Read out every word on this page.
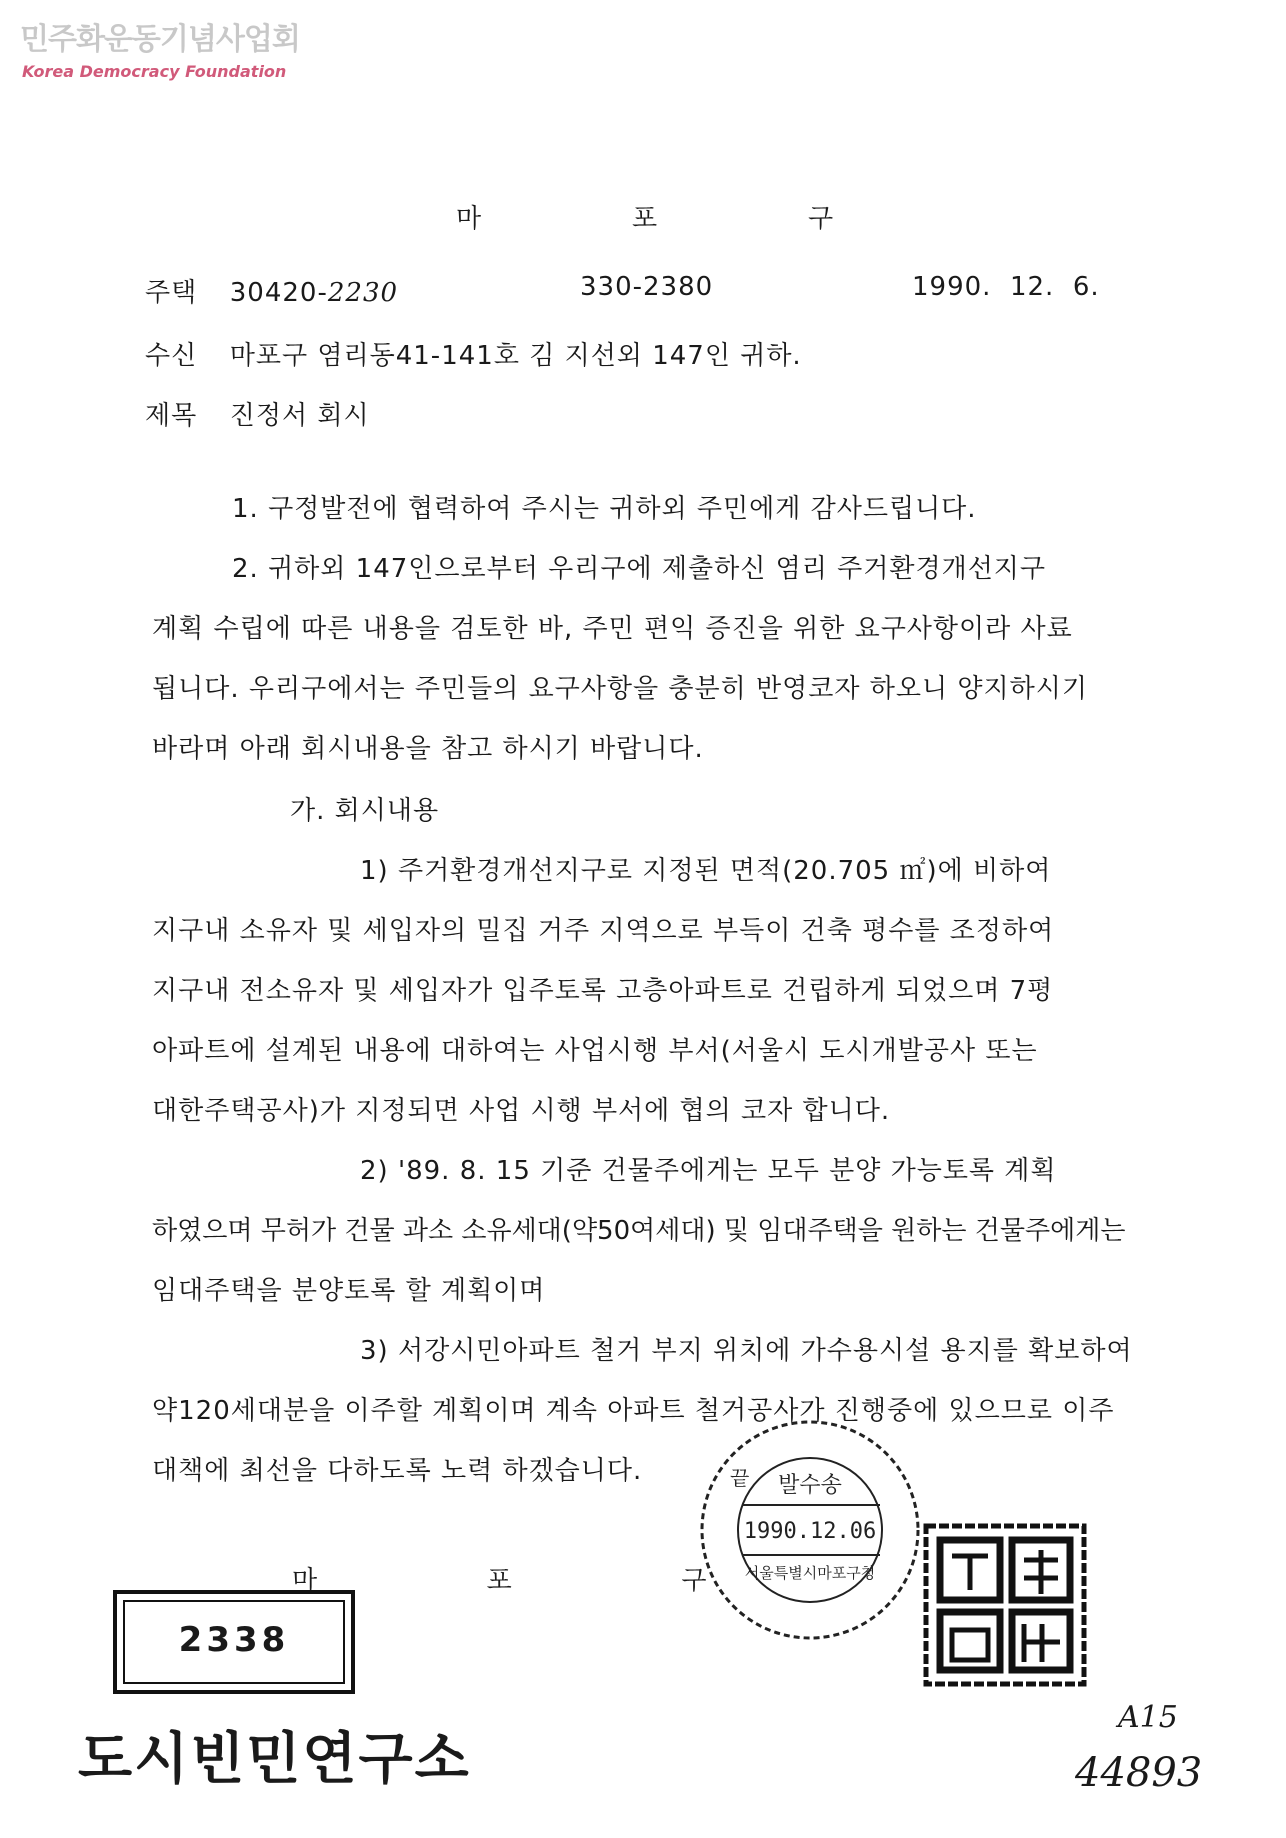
민주화운동기념사업회
Korea Democracy Foundation
마	포	구
주택 30420-2230	330-2380	1990.  12.  6.
수신 마포구 염리동41-141호 김 지선외 147인 귀하.
제목 진정서 회시
1. 구정발전에 협력하여 주시는 귀하외 주민에게 감사드립니다.
2. 귀하외 147인으로부터 우리구에 제출하신 염리 주거환경개선지구
계획 수립에 따른 내용을 검토한 바, 주민 편익 증진을 위한 요구사항이라 사료
됩니다. 우리구에서는 주민들의 요구사항을 충분히 반영코자 하오니 양지하시기
바라며 아래 회시내용을 참고 하시기 바랍니다.
가. 회시내용
1) 주거환경개선지구로 지정된 면적(20.705 ㎡)에 비하여
지구내 소유자 및 세입자의 밀집 거주 지역으로 부득이 건축 평수를 조정하여
지구내 전소유자 및 세입자가 입주토록 고층아파트로 건립하게 되었으며 7평
아파트에 설계된 내용에 대하여는 사업시행 부서(서울시 도시개발공사 또는
대한주택공사)가 지정되면 사업 시행 부서에 협의 코자 합니다.
2) '89. 8. 15 기준 건물주에게는 모두 분양 가능토록 계획
하였으며 무허가 건물 과소 소유세대(약50여세대) 및 임대주택을 원하는 건물주에게는
임대주택을 분양토록 할 계획이며
3) 서강시민아파트 철거 부지 위치에 가수용시설 용지를 확보하여
약120세대분을 이주할 계획이며 계속 아파트 철거공사가 진행중에 있으므로 이주
대책에 최선을 다하도록 노력 하겠습니다.
마	포	구
발수송
1990.12.06
서울특별시마포구청
끝
2338
도시빈민연구소
A15
44893
